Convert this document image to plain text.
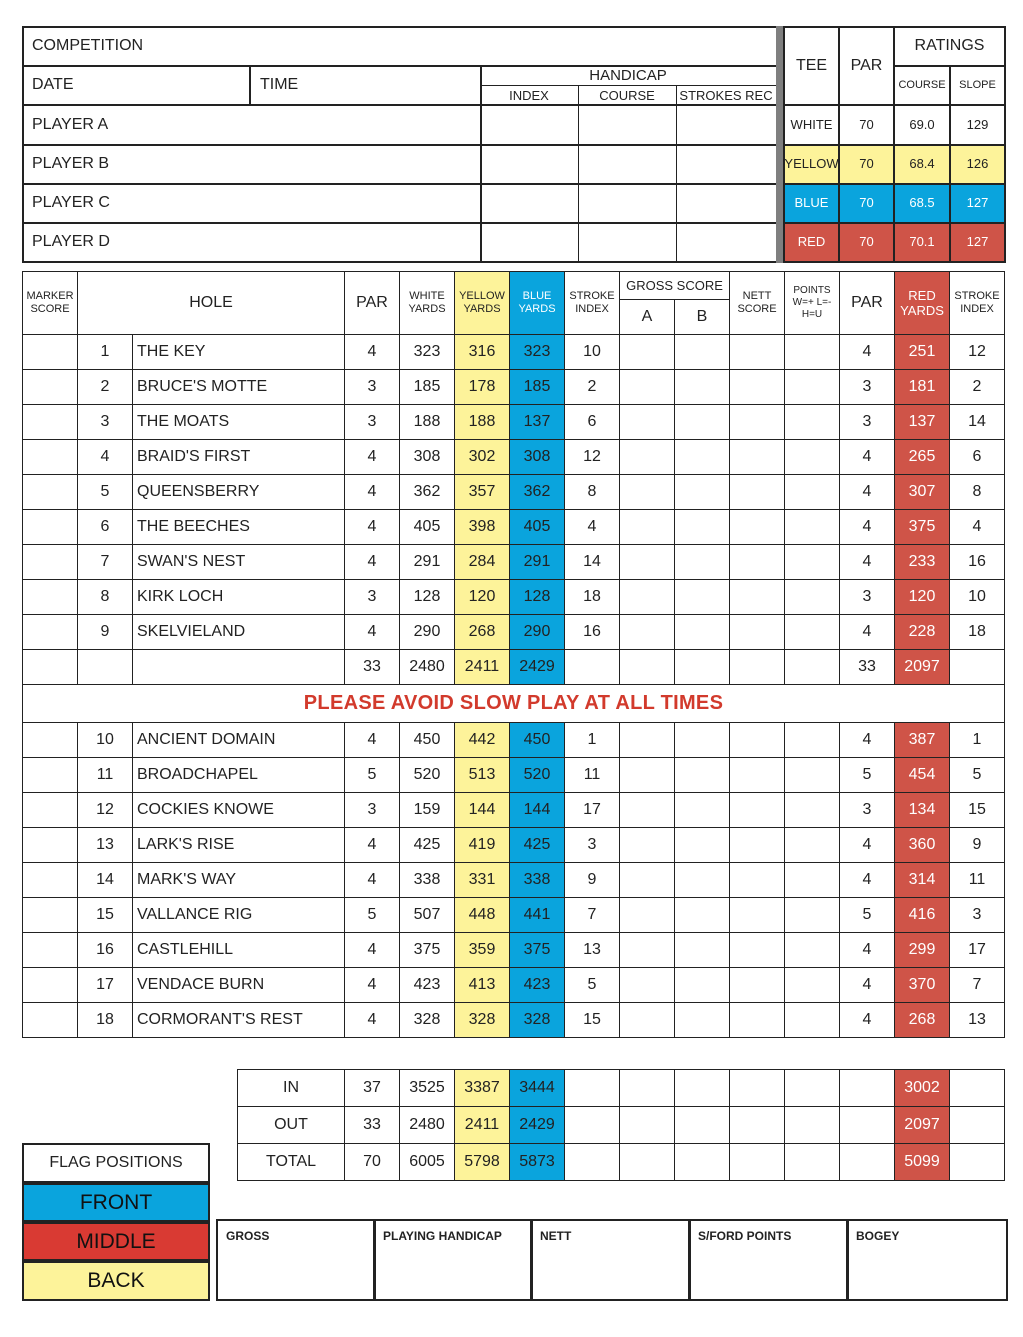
COMPETITION
DATE	TIME
HANDICAP
INDEX	COURSE	STROKES REC
PLAYER A
PLAYER B
PLAYER C
PLAYER D
TEE	PAR
RATINGS
COURSE	SLOPE
WHITE	70	69.0	129
YELLOW	70	68.4	126
BLUE	70	68.5	127
RED	70	70.1	127
MARKER SCORE	HOLE		PAR	WHITE YARDS	YELLOW YARDS	BLUE YARDS	STROKE INDEX	GROSS SCORE		NETT SCORE	POINTS W=+ L=- H=U	PAR	RED YARDS	STROKE INDEX
								A	B					
	1	THE KEY	4	323	316	323	10					4	251	12
	2	BRUCE'S MOTTE	3	185	178	185	2					3	181	2
	3	THE MOATS	3	188	188	137	6					3	137	14
	4	BRAID'S FIRST	4	308	302	308	12					4	265	6
	5	QUEENSBERRY	4	362	357	362	8					4	307	8
	6	THE BEECHES	4	405	398	405	4					4	375	4
	7	SWAN'S NEST	4	291	284	291	14					4	233	16
	8	KIRK LOCH	3	128	120	128	18					3	120	10
	9	SKELVIELAND	4	290	268	290	16					4	228	18
			33	2480	2411	2429						33	2097	
PLEASE AVOID SLOW PLAY AT ALL TIMES														
	10	ANCIENT DOMAIN	4	450	442	450	1					4	387	1
	11	BROADCHAPEL	5	520	513	520	11					5	454	5
	12	COCKIES KNOWE	3	159	144	144	17					3	134	15
	13	LARK'S RISE	4	425	419	425	3					4	360	9
	14	MARK'S WAY	4	338	331	338	9					4	314	11
	15	VALLANCE RIG	5	507	448	441	7					5	416	3
	16	CASTLEHILL	4	375	359	375	13					4	299	17
	17	VENDACE BURN	4	423	413	423	5					4	370	7
	18	CORMORANT'S REST	4	328	328	328	15					4	268	13
IN	37	3525	3387	3444							3002	
OUT	33	2480	2411	2429							2097	
TOTAL	70	6005	5798	5873							5099	
FLAG POSITIONS
FRONT
MIDDLE
BACK
GROSS	PLAYING HANDICAP	NETT	S/FORD POINTS	BOGEY
